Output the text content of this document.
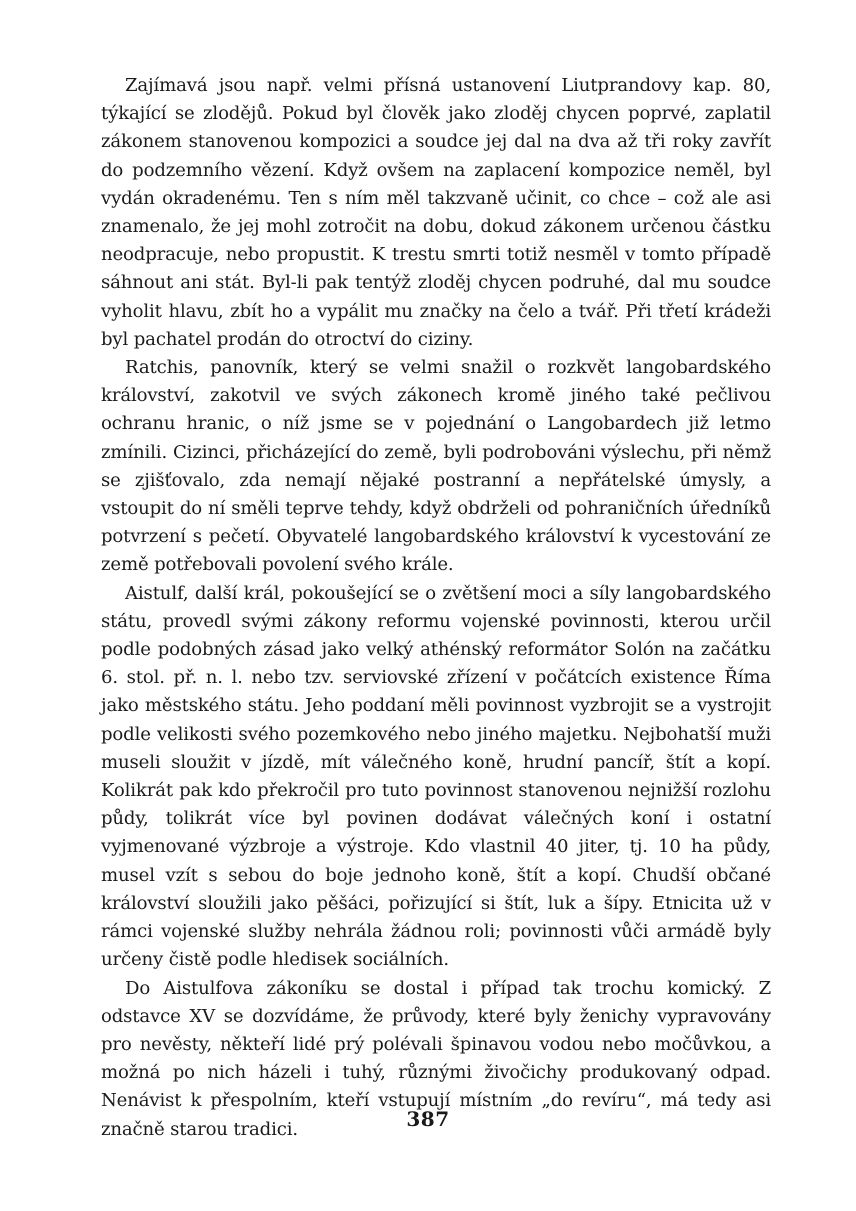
Zajímavá jsou např. velmi přísná ustanovení Liutprandovy kap. 80, týkající se zlodějů. Pokud byl člověk jako zloděj chycen poprvé, zaplatil zákonem stanovenou kompozici a soudce jej dal na dva až tři roky zavřít do podzemního vězení. Když ovšem na zaplacení kompozice neměl, byl vydán okradenému. Ten s ním měl takzvaně učinit, co chce – což ale asi znamenalo, že jej mohl zotročit na dobu, dokud zákonem určenou částku neodpracuje, nebo propustit. K trestu smrti totiž nesměl v tomto případě sáhnout ani stát. Byl-li pak tentýž zloděj chycen podruhé, dal mu soudce vyholit hlavu, zbít ho a vypálit mu značky na čelo a tvář. Při třetí krádeži byl pachatel prodán do otroctví do ciziny.

Ratchis, panovník, který se velmi snažil o rozkvět langobardského království, zakotvil ve svých zákonech kromě jiného také pečlivou ochranu hranic, o níž jsme se v pojednání o Langobardech již letmo zmínili. Cizinci, přicházející do země, byli podrobováni výslechu, při němž se zjišťovalo, zda nemají nějaké postranní a nepřátelské úmysly, a vstoupit do ní směli teprve tehdy, když obdrželi od pohraničních úředníků potvrzení s pečetí. Obyvatelé langobardského království k vycestování ze země potřebovali povolení svého krále.

Aistulf, další král, pokoušející se o zvětšení moci a síly langobardského státu, provedl svými zákony reformu vojenské povinnosti, kterou určil podle podobných zásad jako velký athénský reformátor Solón na začátku 6. stol. př. n. l. nebo tzv. serviovské zřízení v počátcích existence Říma jako městského státu. Jeho poddaní měli povinnost vyzbrojit se a vystrojit podle velikosti svého pozemkového nebo jiného majetku. Nejbohatší muži museli sloužit v jízdě, mít válečného koně, hrudní pancíř, štít a kopí. Kolikrát pak kdo překročil pro tuto povinnost stanovenou nejnižší rozlohu půdy, tolikrát více byl povinen dodávat válečných koní i ostatní vyjmenované výzbroje a výstroje. Kdo vlastnil 40 jiter, tj. 10 ha půdy, musel vzít s sebou do boje jednoho koně, štít a kopí. Chudší občané království sloužili jako pěšáci, pořizující si štít, luk a šípy. Etnicita už v rámci vojenské služby nehrála žádnou roli; povinnosti vůči armádě byly určeny čistě podle hledisek sociálních.

Do Aistulfova zákoníku se dostal i případ tak trochu komický. Z odstavce XV se dozvídáme, že průvody, které byly ženichy vypravovány pro nevěsty, někteří lidé prý polévali špinavou vodou nebo močůvkou, a možná po nich házeli i tuhý, různými živočichy produkovaný odpad. Nenávist k přespolním, kteří vstupují místním „do revíru“, má tedy asi značně starou tradici.	387
